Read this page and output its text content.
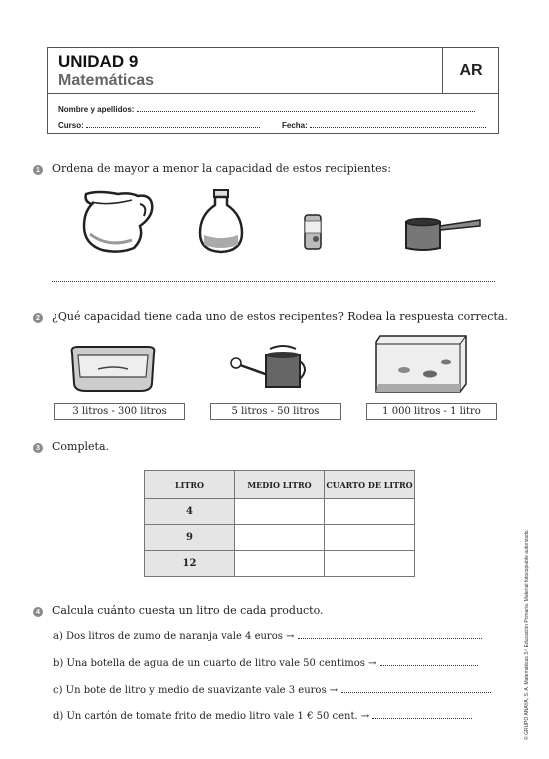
UNIDAD 9
Matemáticas
AR
Nombre y apellidos:
Curso:	Fecha:
1 Ordena de mayor a menor la capacidad de estos recipientes:
2 ¿Qué capacidad tiene cada uno de estos recipentes? Rodea la respuesta correcta.
3 litros - 300 litros	5 litros - 50 litros	1 000 litros - 1 litro
3 Completa.
LITRO	MEDIO LITRO	CUARTO DE LITRO
4		
9		
12		
4 Calcula cuánto cuesta un litro de cada producto.
a) Dos litros de zumo de naranja vale 4 euros →
b) Una botella de agua de un cuarto de litro vale 50 centimos →
c) Un bote de litro y medio de suavizante vale 3 euros →
d) Un cartón de tomate frito de medio litro vale 1 € 50 cent. →	© GRUPO ANAYA, S. A. Matemáticas 3.º Educación Primaria. Material fotocopiable autorizado.
